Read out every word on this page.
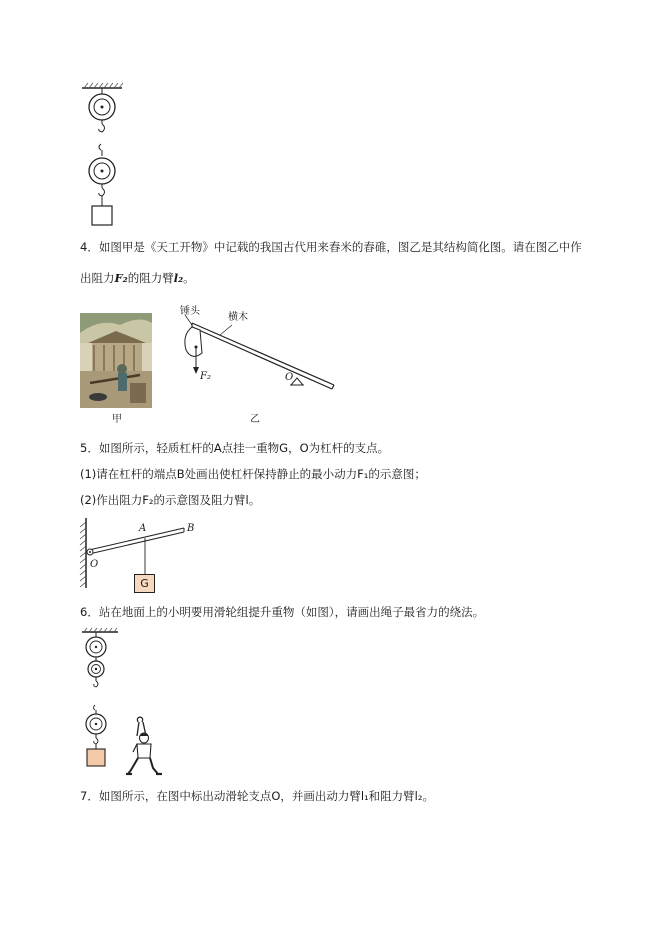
4．如图甲是《天工开物》中记载的我国古代用来舂米的舂碓，图乙是其结构简化图。请在图乙中作
出阻力F₂的阻力臂l₂。
甲
锤头
横木
F₂	O
乙
5．如图所示，轻质杠杆的A点挂一重物G，O为杠杆的支点。
(1)请在杠杆的端点B处画出使杠杆保持静止的最小动力F₁的示意图；
(2)作出阻力F₂的示意图及阻力臂l。
A	B
O
G
6．站在地面上的小明要用滑轮组提升重物（如图），请画出绳子最省力的绕法。
7．如图所示，在图中标出动滑轮支点O，并画出动力臂l₁和阻力臂l₂。
